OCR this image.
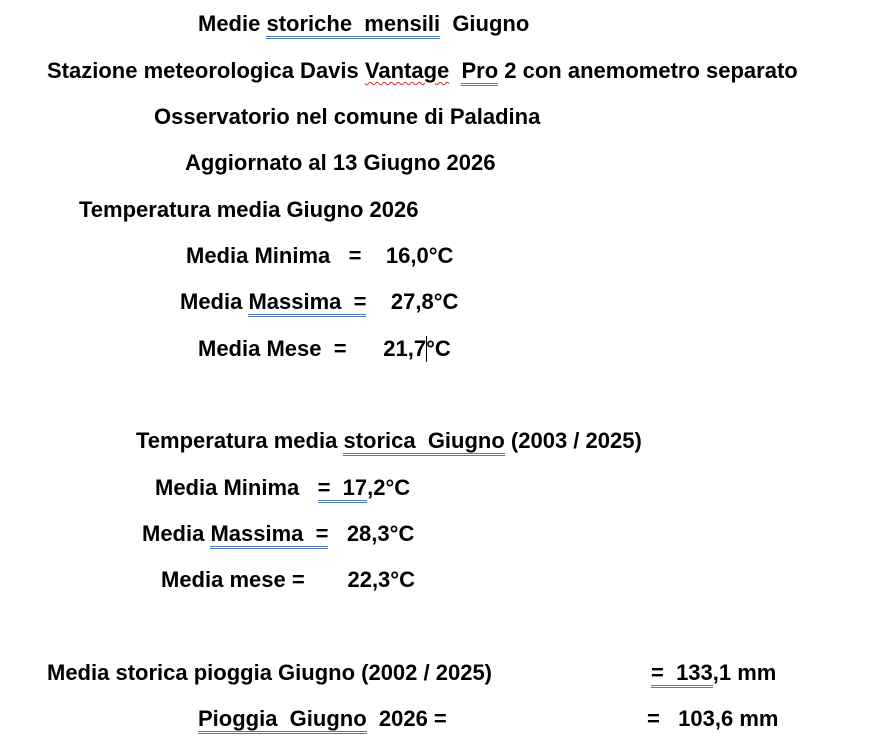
Medie storiche  mensili  Giugno
Stazione meteorologica Davis Vantage Pro 2 con anemometro separato
Osservatorio nel comune di Paladina
Aggiornato al 13 Giugno 2026
Temperatura media Giugno 2026
Media Minima   =    16,0°C
Media Massima  =    27,8°C
Media Mese  =      21,7°C
Temperatura media storica  Giugno (2003 / 2025)
Media Minima   =  17,2°C
Media Massima  =   28,3°C
Media mese =       22,3°C
Media storica pioggia Giugno (2002 / 2025)	=  133,1 mm
Pioggia  Giugno  2026 =	=   103,6 mm
